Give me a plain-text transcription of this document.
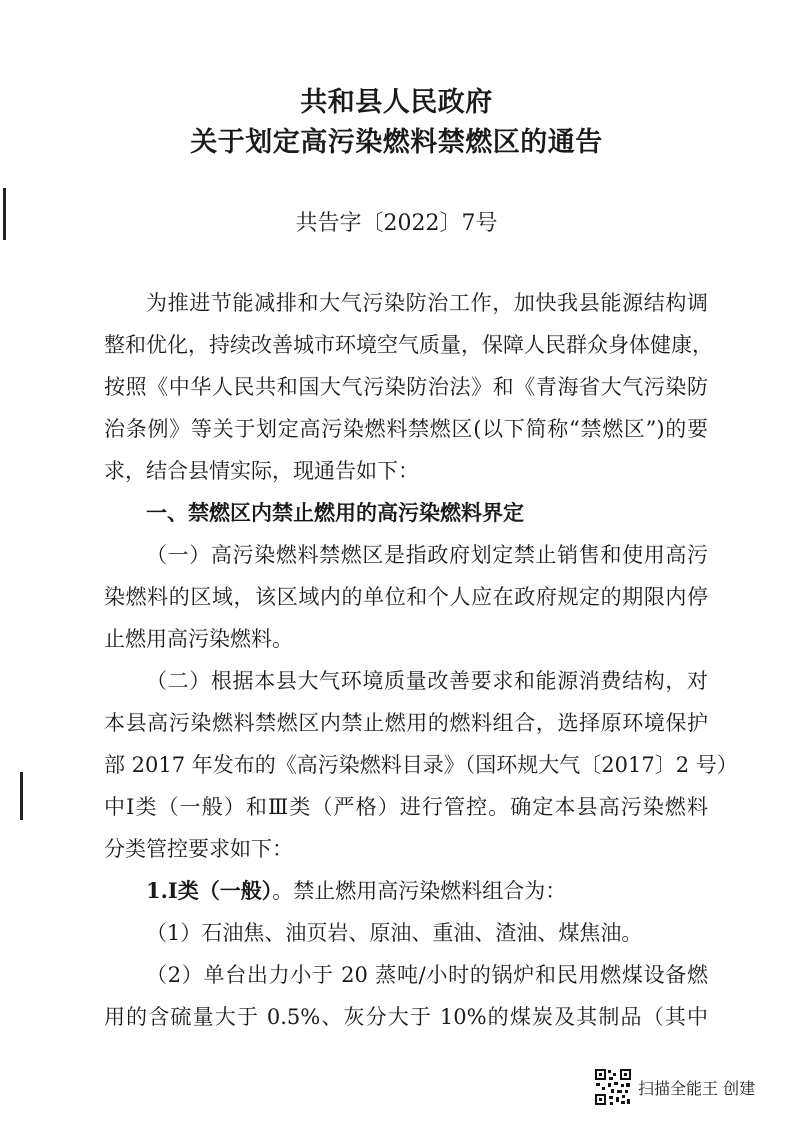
共和县人民政府
关于划定高污染燃料禁燃区的通告
共告字〔2022〕7号
为推进节能减排和大气污染防治工作，加快我县能源结构调
整和优化，持续改善城市环境空气质量，保障人民群众身体健康，
按照《中华人民共和国大气污染防治法》和《青海省大气污染防
治条例》等关于划定高污染燃料禁燃区(以下简称“禁燃区”)的要
求，结合县情实际，现通告如下：
一、禁燃区内禁止燃用的高污染燃料界定
（一）高污染燃料禁燃区是指政府划定禁止销售和使用高污
染燃料的区域，该区域内的单位和个人应在政府规定的期限内停
止燃用高污染燃料。
（二）根据本县大气环境质量改善要求和能源消费结构，对
本县高污染燃料禁燃区内禁止燃用的燃料组合，选择原环境保护
部 2017 年发布的《高污染燃料目录》（国环规大气〔2017〕2 号）
中Ⅰ类（一般）和Ⅲ类（严格）进行管控。确定本县高污染燃料
分类管控要求如下：
1.Ⅰ类（一般）。禁止燃用高污染燃料组合为：
（1）石油焦、油页岩、原油、重油、渣油、煤焦油。
（2）单台出力小于 20 蒸吨/小时的锅炉和民用燃煤设备燃
用的含硫量大于 0.5%、灰分大于 10%的煤炭及其制品（其中
扫描全能王 创建
